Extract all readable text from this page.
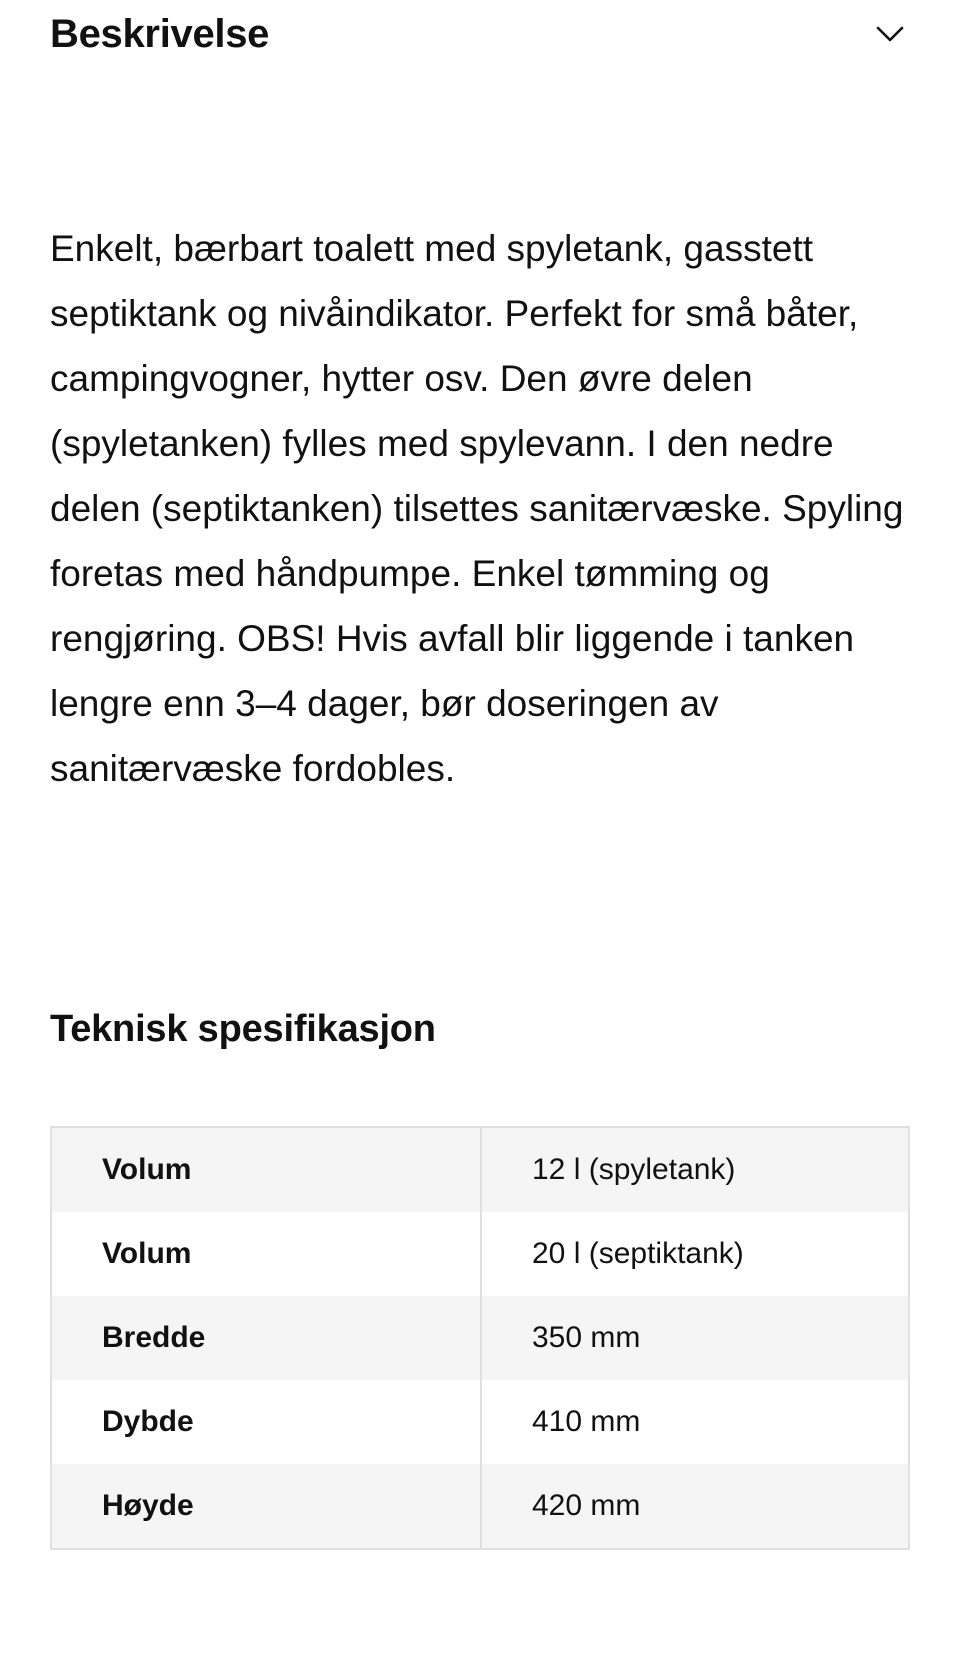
Beskrivelse

Enkelt, bærbart toalett med spyletank, gasstett septiktank og nivåindikator. Perfekt for små båter, campingvogner, hytter osv. Den øvre delen (spyletanken) fylles med spylevann. I den nedre delen (septiktanken) tilsettes sanitærvæske. Spyling foretas med håndpumpe. Enkel tømming og rengjøring. OBS! Hvis avfall blir liggende i tanken lengre enn 3–4 dager, bør doseringen av sanitærvæske fordobles.

Teknisk spesifikasjon
Volum	12 l (spyletank)
Volum	20 l (septiktank)
Bredde	350 mm
Dybde	410 mm
Høyde	420 mm
